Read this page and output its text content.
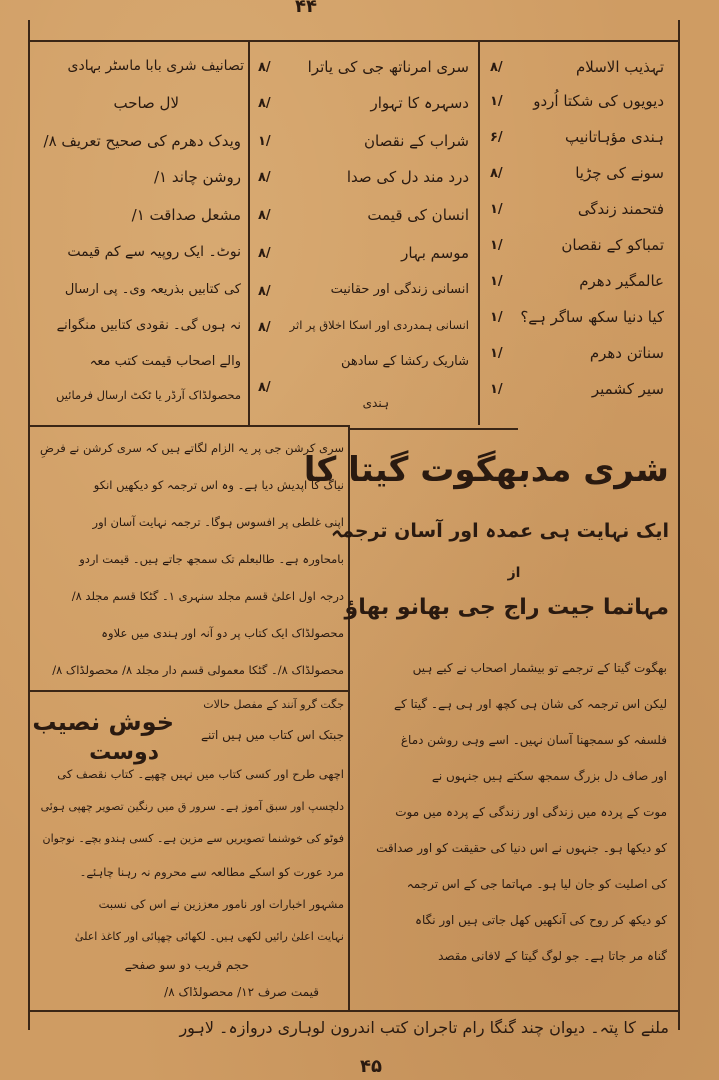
۴۴
۴۵
تہذیب الاسلام
۸/
دیویوں کی شکتا اُردو
۱/
ہندی مؤہاتانیپ
۶/
سونے کی چڑیا
۸/
فتحمند زندگی
۱/
تمباکو کے نقصان
۱/
عالمگیر دھرم
۱/
کیا دنیا سکھ ساگر ہے؟
۱/
سناتن دھرم
۱/
سیر کشمیر
۱/
سری امرناتھ جی کی یاترا
۸/
دسہرہ کا تہوار
۸/
شراب کے نقصان
۱/
درد مند دل کی صدا
۸/
انسان کی قیمت
۸/
موسم بہار
۸/
انسانی زندگی اور حقانیت
۸/
انسانی ہمدردی اور اسکا اخلاق پر اثر
۸/
شاریک رکشا کے سادھن
۸/
ہندی
تصانیف شری بابا ماسٹر بہادی
لال صاحب
ویدک دھرم کی صحیح تعریف ۸/
روشن چاند ۱/
مشعل صداقت ۱/
نوٹ۔ ایک روپیہ سے کم قیمت
کی کتابیں بذریعہ وی۔ پی ارسال
نہ ہوں گی۔ نقودی کتابیں منگوانے
والے اصحاب قیمت کتب معہ
محصولڈاک آرڈر یا ٹکٹ ارسال فرمائیں
شری مدبھگوت گیتا کا
ایک نہایت ہی عمدہ اور آسان ترجمہ
از
مہاتما جیت راج جی بھانو بھاؤ
بھگوت گیتا کے ترجمے تو بیشمار اصحاب نے کیے ہیں
لیکن اس ترجمہ کی شان ہی کچھ اور ہی ہے۔ گیتا کے
فلسفہ کو سمجھنا آسان نہیں۔ اسے وہی روشن دماغ
اور صاف دل بزرگ سمجھ سکتے ہیں جنہوں نے
موت کے پردہ میں زندگی اور زندگی کے پردہ میں موت
کو دیکھا ہو۔ جنہوں نے اس دنیا کی حقیقت کو اور صداقت
کی اصلیت کو جان لیا ہو۔ مہاتما جی کے اس ترجمہ
کو دیکھ کر روح کی آنکھیں کھل جاتی ہیں اور نگاہ
گناہ مر جاتا ہے۔ جو لوگ گیتا کے لافانی مقصد
سری کرشن جی پر یہ الزام لگاتے ہیں کہ سری کرشن نے فرضِ
نیاگ کا اپدیش دیا ہے۔ وہ اس ترجمہ کو دیکھیں انکو
اپنی غلطی پر افسوس ہوگا۔ ترجمہ نہایت آسان اور
بامحاورہ ہے۔ طالبعلم تک سمجھ جاتے ہیں۔ قیمت اردو
درجہ اول اعلیٰ قسم مجلد سنہری ۱۔ گٹکا قسم مجلد ۸/
محصولڈاک ایک کتاب پر دو آنہ اور ہندی میں علاوہ
محصولڈاک ۸/۔ گٹکا معمولی قسم دار مجلد ۸/ محصولڈاک ۸/
جگت گرو آنند کے مفصل حالات
خوش نصیب
دوست
جبتک اس کتاب میں ہیں اتنے
اچھی طرح اور کسی کتاب میں نہیں چھپے۔ کتاب نقصف کی
دلچسپ اور سبق آموز ہے۔ سرور ق میں رنگین تصویر چھپی ہوئی
فوٹو کی خوشنما تصویریں سے مزین ہے۔ کسی ہندو بچے۔ نوجوان
مرد عورت کو اسکے مطالعہ سے محروم نہ رہنا چاہئے۔
مشہور اخبارات اور نامور معززین نے اس کی نسبت
نہایت اعلیٰ رائیں لکھی ہیں۔ لکھائی چھپائی اور کاغذ اعلیٰ
حجم قریب دو سو صفحے
قیمت صرف ۱۲/ محصولڈاک ۸/
ملنے کا پتہ۔ دیوان چند گنگا رام تاجران کتب اندرون لوہاری دروازہ۔ لاہور
